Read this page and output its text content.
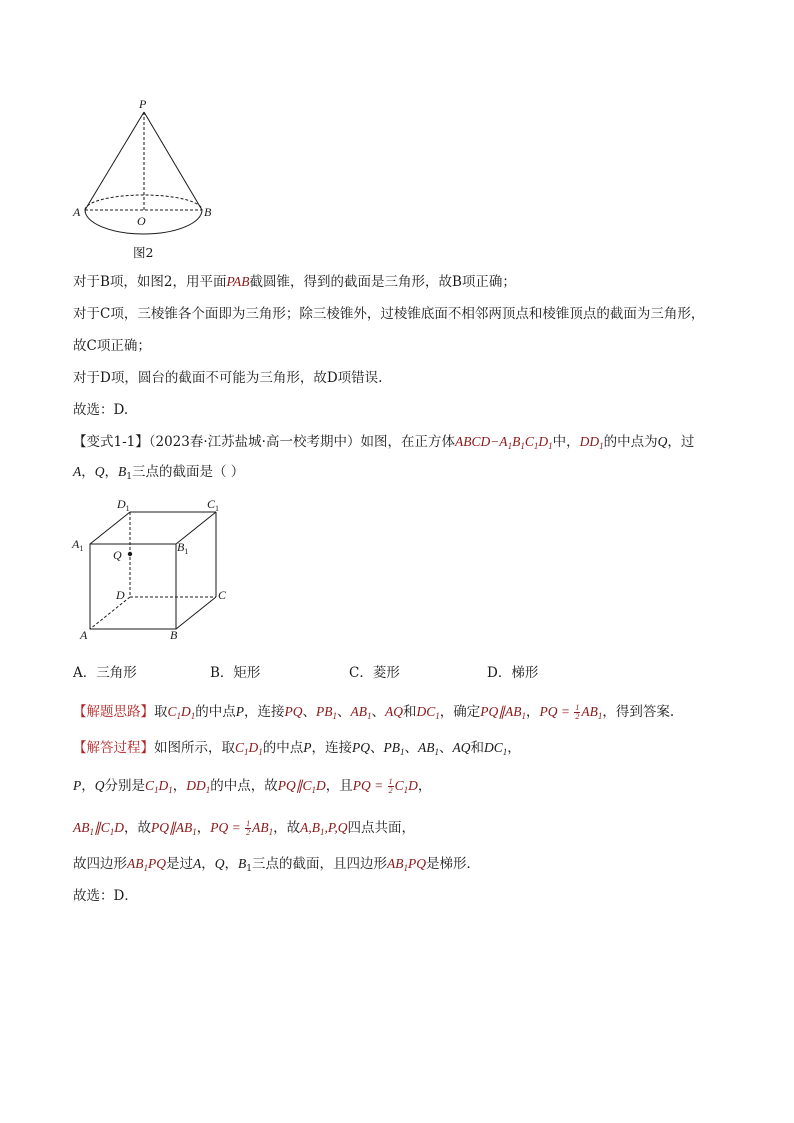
P
A
O
B
图2
对于B项，如图2，用平面PAB截圆锥，得到的截面是三角形，故B项正确；
对于C项，三棱锥各个面即为三角形；除三棱锥外，过棱锥底面不相邻两顶点和棱锥顶点的截面为三角形，
故C项正确；
对于D项，圆台的截面不可能为三角形，故D项错误.
故选：D.
【变式1-1】（2023春·江苏盐城·高一校考期中）如图，在正方体$ABCD-A_1B_1C_1D_1$中，$DD_1$的中点为Q，过
A，Q，$B_1$三点的截面是（ ）
$D_1$	$C_1$
$A_1$	$B_1$
Q
D	C
A	B
A．三角形	B．矩形	C．菱形	D．梯形
【解题思路】取$C_1D_1$的中点P，连接PQ、$PB_1$、$AB_1$、AQ和$DC_1$，确定$PQ\parallel AB_1$，PQ = $\frac{1}{2} AB_1$，得到答案.
【解答过程】如图所示，取$C_1D_1$的中点P，连接PQ、$PB_1$、$AB_1$、AQ和$DC_1$，
P，Q分别是$C_1D_1$，$DD_1$的中点，故$PQ\parallel C_1D$，且PQ = $\frac{1}{2} C_1D$，
$AB_1\parallel C_1D$，故$PQ\parallel AB_1$，PQ = $\frac{1}{2} AB_1$，故$A,B_1,P,Q$四点共面，
故四边形$AB_1PQ$是过A，Q，$B_1$三点的截面，且四边形$AB_1PQ$是梯形．
故选：D．
